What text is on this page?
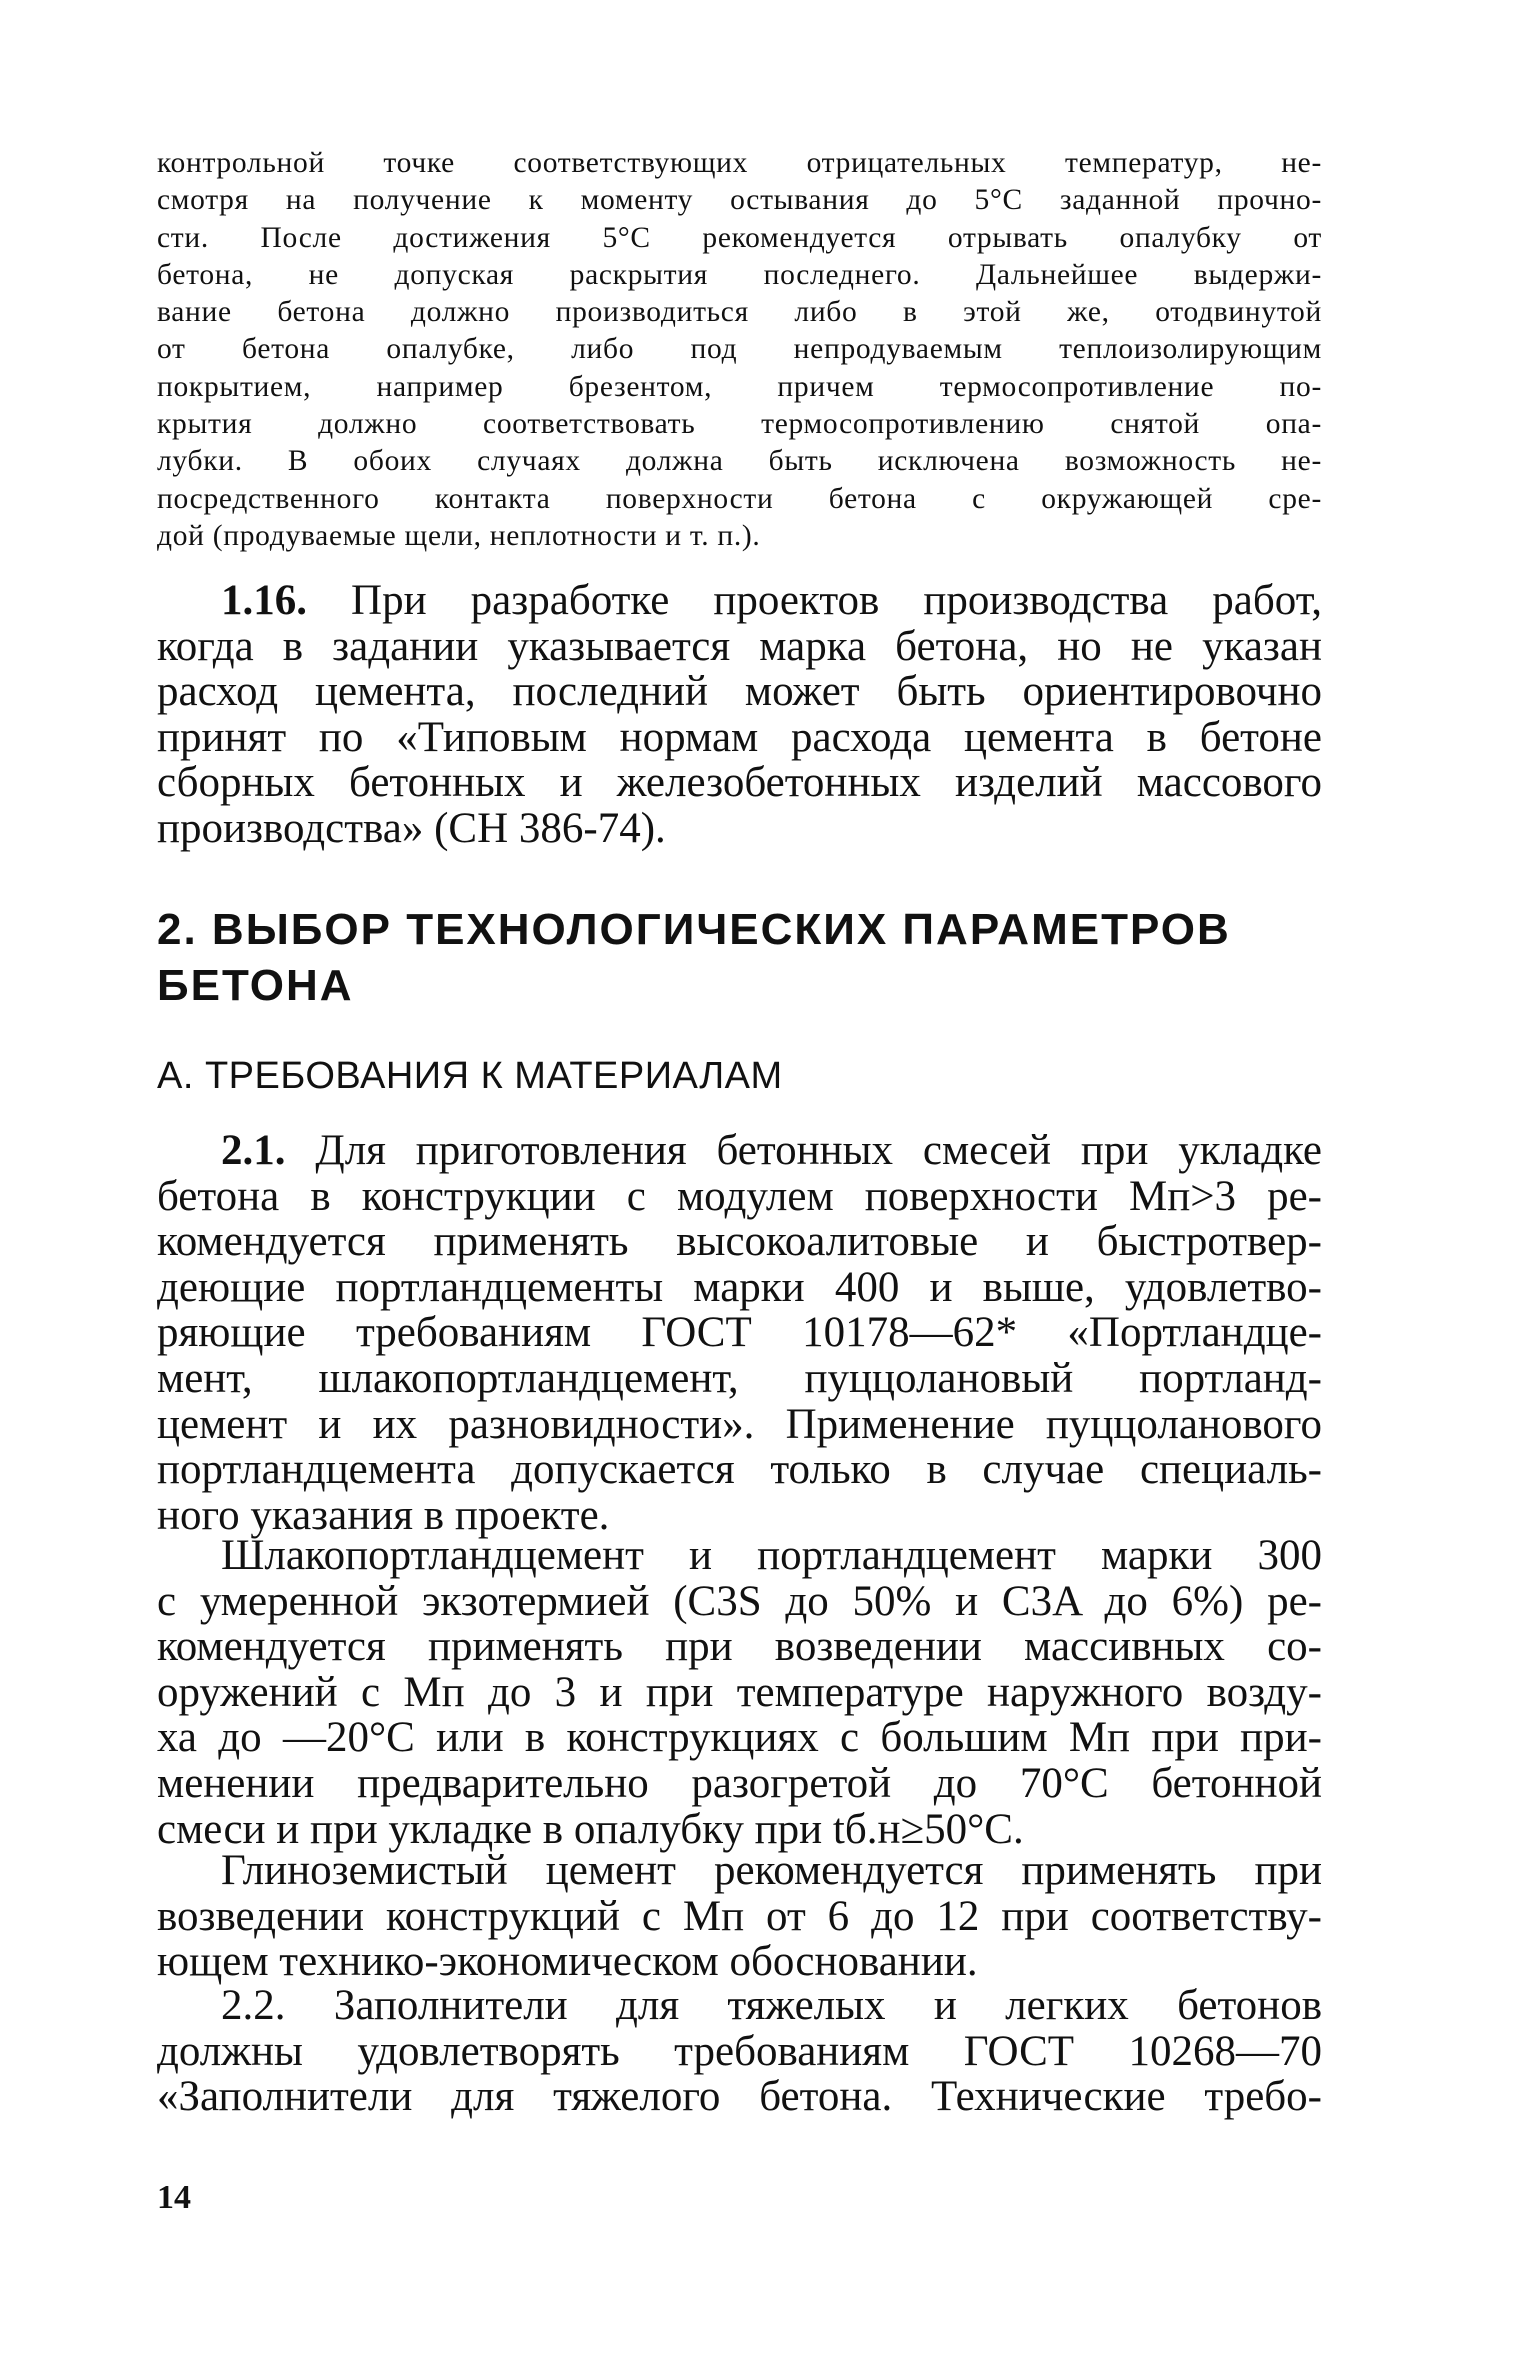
контрольной точке соответствующих отрицательных температур, не-
смотря на получение к моменту остывания до 5°С заданной прочно-
сти. После достижения 5°С рекомендуется отрывать опалубку от
бетона, не допуская раскрытия последнего. Дальнейшее выдержи-
вание бетона должно производиться либо в этой же, отодвинутой
от бетона опалубке, либо под непродуваемым теплоизолирующим
покрытием, например брезентом, причем термосопротивление по-
крытия должно соответствовать термосопротивлению снятой опа-
лубки. В обоих случаях должна быть исключена возможность не-
посредственного контакта поверхности бетона с окружающей сре-
дой (продуваемые щели, неплотности и т. п.).
1.16. При разработке проектов производства работ,
когда в задании указывается марка бетона, но не указан
расход цемента, последний может быть ориентировочно
принят по «Типовым нормам расхода цемента в бетоне
сборных бетонных и железобетонных изделий массового
производства» (СН 386-74).

2. ВЫБОР ТЕХНОЛОГИЧЕСКИХ ПАРАМЕТРОВ

БЕТОНА

А. ТРЕБОВАНИЯ К МАТЕРИАЛАМ

2.1. Для приготовления бетонных смесей при укладке
бетона в конструкции с модулем поверхности Мп>3 ре-
комендуется применять высокоалитовые и быстротвер-
деющие портландцементы марки 400 и выше, удовлетво-
ряющие требованиям ГОСТ 10178—62* «Портландце-
мент, шлакопортландцемент, пуццолановый портланд-
цемент и их разновидности». Применение пуццоланового
портландцемента допускается только в случае специаль-
ного указания в проекте.
Шлакопортландцемент и портландцемент марки 300
с умеренной экзотермией (C3S до 50% и C3A до 6%) ре-
комендуется применять при возведении массивных со-
оружений с Мп до 3 и при температуре наружного возду-
ха до —20°С или в конструкциях с большим Мп при при-
менении предварительно разогретой до 70°С бетонной
смеси и при укладке в опалубку при tб.н≥50°С.
Глиноземистый цемент рекомендуется применять при
возведении конструкций с Мп от 6 до 12 при соответству-
ющем технико-экономическом обосновании.
2.2. Заполнители для тяжелых и легких бетонов
должны удовлетворять требованиям ГОСТ 10268—70
«Заполнители для тяжелого бетона. Технические требо-

14
